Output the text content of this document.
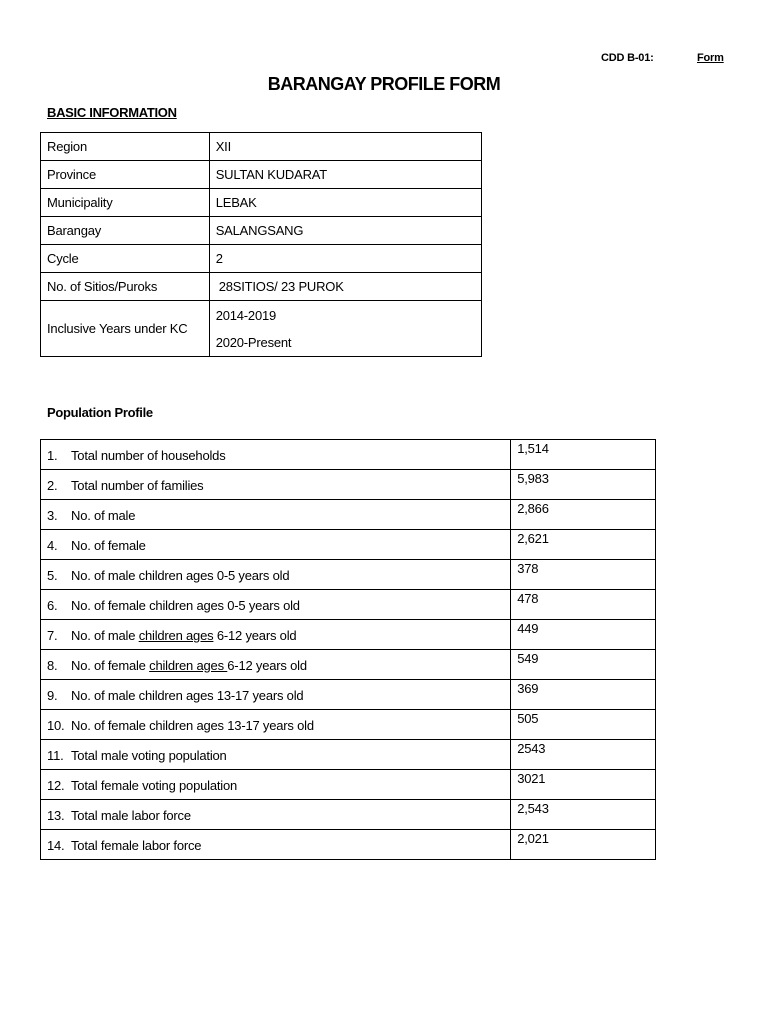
CDD B-01:	Form
BARANGAY PROFILE FORM
BASIC INFORMATION
Region	XII
Province	SULTAN KUDARAT
Municipality	LEBAK
Barangay	SALANGSANG
Cycle	2
No. of Sitios/Puroks	28SITIOS/ 23 PUROK
Inclusive Years under KC	2014-2019
2020-Present
Population Profile
1. Total number of households	1,514
2. Total number of families	5,983
3. No. of male	2,866
4. No. of female	2,621
5. No. of male children ages 0-5 years old	378
6. No. of female children ages 0-5 years old	478
7. No. of male children ages 6-12 years old	449
8. No. of female children ages 6-12 years old	549
9. No. of male children ages 13-17 years old	369
10. No. of female children ages 13-17 years old	505
11. Total male voting population	2543
12. Total female voting population	3021
13. Total male labor force	2,543
14. Total female labor force	2,021
